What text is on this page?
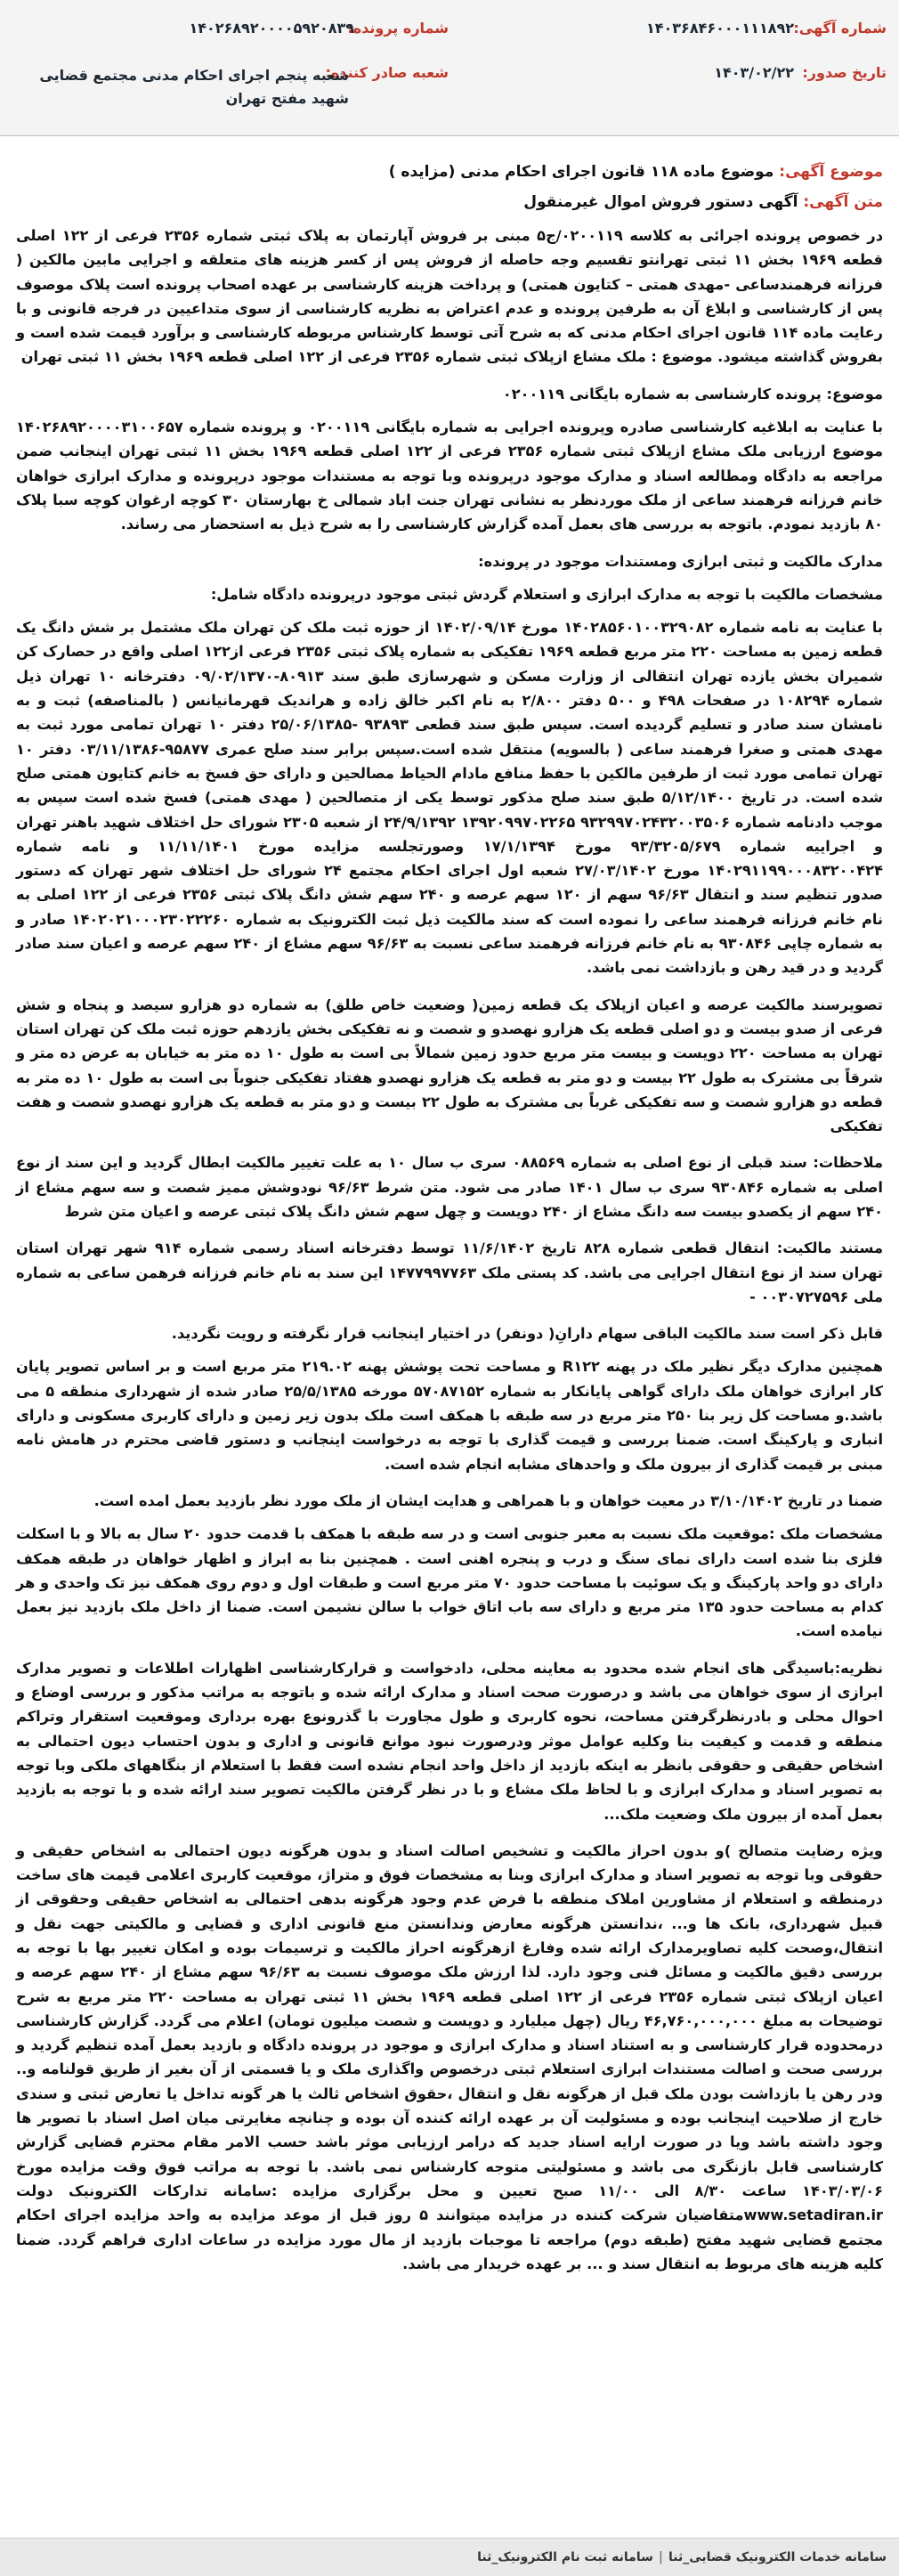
شماره آگهی:
۱۴۰۳۶۸۴۶۰۰۰۱۱۱۸۹۲
تاریخ صدور:
۱۴۰۳/۰۲/۲۲
شماره پرونده:
۱۴۰۲۶۸۹۲۰۰۰۰۵۹۲۰۸۳۹
شعبه صادر کننده:
شعبه پنجم اجرای احکام مدنی مجتمع قضایی شهید مفتح تهران
موضوع آگهی: موضوع ماده ۱۱۸ قانون اجرای احکام مدنی (مزایده )
متن آگهی: آگهی دستور فروش اموال غیرمنقول

در خصوص پرونده اجرائی به کلاسه ۰۲۰۰۱۱۹/ج۵ مبنی بر فروش آپارتمان به پلاک ثبتی شماره ۲۳۵۶ فرعی از ۱۲۲ اصلی قطعه ۱۹۶۹ بخش ۱۱ ثبتی تهرانتو تقسیم وجه حاصله از فروش پس از کسر هزینه های متعلقه و اجرایی مابین مالکین ( فرزانه فرهمندساعی -مهدی همتی – کتایون همتی) و پرداخت هزینه کارشناسی بر عهده اصحاب پرونده است پلاک موصوف پس از کارشناسی و ابلاغ آن به طرفین پرونده و عدم اعتراض به نظریه کارشناسی از سوی متداعیین در فرجه قانونی و با رعایت ماده ۱۱۴ قانون اجرای احکام مدنی که به شرح آتی توسط کارشناس مربوطه کارشناسی و برآورد قیمت شده است و بفروش گذاشته میشود. موضوع : ملک مشاع ازپلاک ثبتی شماره ۲۳۵۶ فرعی از ۱۲۲ اصلی قطعه ۱۹۶۹ بخش ۱۱ ثبتی تهران

موضوع: پرونده کارشناسی به شماره بایگانی ۰۲۰۰۱۱۹

با عنایت به ابلاغیه کارشناسی صادره وپرونده اجرایی به شماره بایگانی ۰۲۰۰۱۱۹ و پرونده شماره ۱۴۰۲۶۸۹۲۰۰۰۰۳۱۰۰۶۵۷ موضوع ارزیابی ملک مشاع ازپلاک ثبتی شماره ۲۳۵۶ فرعی از ۱۲۲ اصلی قطعه ۱۹۶۹ بخش ۱۱ ثبتی تهران اینجانب ضمن مراجعه به دادگاه ومطالعه اسناد و مدارک موجود درپرونده وبا توجه به مستندات موجود درپرونده و مدارک ابرازی خواهان خانم فرزانه فرهمند ساعی از ملک موردنظر به نشانی تهران جنت اباد شمالی خ بهارستان ۳۰ کوچه ارغوان کوچه سبا پلاک ۸۰ بازدید نمودم. باتوجه به بررسی های بعمل آمده گزارش کارشناسی را به شرح ذیل به استحضار می رساند.

مدارک مالکیت و ثبتی ابرازی ومستندات موجود در پرونده:

مشخصات مالکیت با توجه به مدارک ابرازی و استعلام گردش ثبتی موجود درپرونده دادگاه شامل:

با عنایت به نامه شماره ۱۴۰۲۸۵۶۰۱۰۰۳۲۹۰۸۲ مورخ ۱۴۰۲/۰۹/۱۴ از حوزه ثبت ملک کن تهران ملک مشتمل بر شش دانگ یک قطعه زمین به مساحت ۲۲۰ متر مربع قطعه ۱۹۶۹ تفکیکی به شماره پلاک ثبتی ۲۳۵۶ فرعی از۱۲۲ اصلی واقع در حصارک کن شمیران بخش یازده تهران انتقالی از وزارت مسکن و شهرسازی طبق سند ۸۰۹۱۳-۰۹/۰۲/۱۳۷۰ دفترخانه ۱۰ تهران ذیل شماره ۱۰۸۲۹۴ در صفحات ۴۹۸ و ۵۰۰ دفتر ۲/۸۰۰ به نام اکبر خالق زاده و هرانديک قهرمانیانس ( بالمناصفه) ثبت و به نامشان سند صادر و تسليم گرديده است. سپس طبق سند قطعی ۹۳۸۹۳ -۲۵/۰۶/۱۳۸۵ دفتر ۱۰ تهران تمامی مورد ثبت به مهدی همتی و صغرا فرهمند ساعی ( بالسویه) منتقل شده است.سپس برابر سند صلح عمری ۹۵۸۷۷-۰۳/۱۱/۱۳۸۶ دفتر ۱۰ تهران تمامی مورد ثبت از طرفین مالکین با حفظ منافع مادام الحیاط مصالحین و دارای حق فسخ به خانم کتایون همتی صلح شده است. در تاریخ ۵/۱۲/۱۴۰۰ طبق سند صلح مذکور توسط یکی از متصالحین ( مهدی همتی) فسخ شده است سپس به موجب دادنامه شماره ۹۳۲۹۹۷۰۲۴۳۲۰۰۳۵۰۶ ۱۳۹۲۰۹۹۷۰۲۲۶۵ ۲۴/۹/۱۳۹۲ از شعبه ۲۳۰۵ شورای حل اختلاف شهید باهنر تهران و اجراییه شماره ۹۳/۳۲۰۵/۶۷۹ مورخ ۱۷/۱/۱۳۹۴ وصورتجلسه مزایده مورخ ۱۱/۱۱/۱۴۰۱ و نامه شماره ۱۴۰۲۹۱۱۹۹۰۰۰۸۳۲۰۰۴۲۴ مورخ ۲۷/۰۳/۱۴۰۲ شعبه اول اجرای احکام مجتمع ۲۴ شورای حل اختلاف شهر تهران که دستور صدور تنظیم سند و انتقال ۹۶/۶۳ سهم از ۱۲۰ سهم عرصه و ۲۴۰ سهم شش دانگ پلاک ثبتی ۲۳۵۶ فرعی از ۱۲۲ اصلی به نام خانم فرزانه فرهمند ساعی را نموده است که سند مالکیت ذیل ثبت الکترونیک به شماره ۱۴۰۲۰۲۱۰۰۰۲۳۰۲۲۲۶۰ صادر و به شماره چاپی ۹۳۰۸۴۶ به نام خانم فرزانه فرهمند ساعی نسبت به ۹۶/۶۳ سهم مشاع از ۲۴۰ سهم عرصه و اعیان سند صادر گردید و در قید رهن و بازداشت نمی باشد.

تصویرسند مالکیت عرصه و اعیان ازپلاک یک قطعه زمین( وضعیت خاص طلق) به شماره دو هزارو سیصد و پنجاه و شش فرعی از صدو بیست و دو اصلی قطعه یک هزارو نهصدو و شصت و نه تفکیکی بخش یازدهم حوزه ثبت ملک کن تهران استان تهران به مساحت ۲۲۰ دویست و بیست متر مربع حدود زمین شمالاً بی است به طول ۱۰ ده متر به خیابان به عرض ده متر و شرقاً بی مشترک به طول ۲۲ بیست و دو متر به قطعه یک هزارو نهصدو هفتاد تفکیکی جنوباً بی است به طول ۱۰ ده متر به قطعه دو هزارو شصت و سه تفکیکی غرباً بی مشترک به طول ۲۲ بیست و دو متر به قطعه یک هزارو نهصدو شصت و هفت تفکیکی

ملاحظات: سند قبلی از نوع اصلی به شماره ۰۸۸۵۶۹ سری ب سال ۱۰ به علت تغییر مالکیت ابطال گردید و این سند از نوع اصلی به شماره ۹۳۰۸۴۶ سری ب سال ۱۴۰۱ صادر می شود. متن شرط ۹۶/۶۳ نودوشش ممیز شصت و سه سهم مشاع از ۲۴۰ سهم از یکصدو بیست سه دانگ مشاع از ۲۴۰ دویست و چهل سهم شش دانگ پلاک ثبتی عرصه و اعیان متن شرط

مستند مالکیت: انتقال قطعی شماره ۸۲۸ تاریخ ۱۱/۶/۱۴۰۲ توسط دفترخانه اسناد رسمی شماره ۹۱۴ شهر تهران استان تهران سند از نوع انتقال اجرایی می باشد. کد پستی ملک ۱۴۷۷۹۹۷۷۶۳ این سند به نام خانم فرزانه فرهمن ساعی به شماره ملی ۰۰۳۰۷۲۷۵۹۶ -

قابل ذکر است سند مالکیت الباقی سهام دارانِ( دونفر) در اختیار اینجانب قرار نگرفته و رویت نگردید.

همچنین مدارک دیگر نظیر ملک در پهنه R۱۲۲ و مساحت تحت پوشش پهنه ۲۱۹.۰۲ متر مربع است و بر اساس تصویر پایان کار ابرازی خواهان ملک دارای گواهی پایانکار به شماره ۵۷۰۸۷۱۵۲ مورخه ۲۵/۵/۱۳۸۵ صادر شده از شهرداری منطقه ۵ می باشد.و مساحت کل زیر بنا ۲۵۰ متر مربع در سه طبقه با همکف است ملک بدون زیر زمین و دارای کاربری مسکونی و دارای انباری و پارکینگ است. ضمنا بررسی و قیمت گذاری با توجه به درخواست اینجانب و دستور قاضی محترم در هامش نامه مبنی بر قیمت گذاری از بیرون ملک و واحدهای مشابه انجام شده است.

ضمنا در تاریخ ۳/۱۰/۱۴۰۲ در معیت خواهان و با همراهی و هدایت ایشان از ملک مورد نظر بازدید بعمل امده است.

مشخصات ملک :موقعیت ملک نسبت به معبر جنوبی است و در سه طبقه با همکف با قدمت حدود ۲۰ سال به بالا و با اسکلت فلزی بنا شده است دارای نمای سنگ و درب و پنجره اهنی است . همچنین بنا به ابراز و اظهار خواهان در طبقه همکف دارای دو واحد پارکینگ و یک سوئیت با مساحت حدود ۷۰ متر مربع است و طبقات اول و دوم روی همکف نیز تک واحدی و هر کدام به مساحت حدود ۱۳۵ متر مربع و دارای سه باب اتاق خواب با سالن نشیمن است. ضمنا از داخل ملک بازدید نیز بعمل نیامده است.

نظریه:باسیدگی های انجام شده محدود به معاینه محلی، دادخواست و قرارکارشناسی اظهارات اطلاعات و تصویر مدارک ابرازی از سوی خواهان می باشد و درصورت صحت اسناد و مدارک ارائه شده و باتوجه به مراتب مذکور و بررسی اوضاع و احوال محلی و بادرنظرگرفتن مساحت، نحوه کاربری و طول مجاورت با گذرونوع بهره برداری وموقعیت استقرار وتراکم منطقه و قدمت و کیفیت بنا وکلیه عوامل موثر ودرصورت نبود موانع قانونی و اداری و بدون احتساب دیون احتمالی به اشخاص حقیقی و حقوقی بانظر به اینکه بازدید از داخل واحد انجام نشده است فقط با استعلام از بنگاههای ملکی وبا توجه به تصویر اسناد و مدارک ابرازی و با لحاظ ملک مشاع و با در نظر گرفتن مالکیت تصویر سند ارائه شده و با توجه به بازدید بعمل آمده از بیرون ملک وضعیت ملک...

ویژه رضایت متصالح )و بدون احراز مالکیت و تشخیص اصالت اسناد و بدون هرگونه دیون احتمالی به اشخاص حقیقی و حقوقی وبا توجه به تصویر اسناد و مدارک ابرازی وبنا به مشخصات فوق و متراژ، موقعیت کاربری اعلامی قیمت های ساخت درمنطقه و استعلام از مشاورین املاک منطقه با فرض عدم وجود هرگونه بدهی احتمالی به اشخاص حقیقی وحقوقی از قبیل شهرداری، بانک ها و... ،ندانستن هرگونه معارض وندانستن منع قانونی اداری و قضایی و مالکیتی جهت نقل و انتقال،وصحت کلیه تصاویرمدارک ارائه شده وفارغ ازهرگونه احراز مالکیت و ترسیمات بوده و امکان تغییر بها با توجه به بررسی دقیق مالکیت و مسائل فنی وجود دارد. لذا ارزش ملک موصوف نسبت به ۹۶/۶۳ سهم مشاع از ۲۴۰ سهم عرصه و اعیان ازپلاک ثبتی شماره ۲۳۵۶ فرعی از ۱۲۲ اصلی قطعه ۱۹۶۹ بخش ۱۱ ثبتی تهران به مساحت ۲۲۰ متر مربع به شرح توضیحات به مبلغ ۴۶,۷۶۰,۰۰۰,۰۰۰ ریال (چهل میلیارد و دویست و شصت میلیون تومان) اعلام می گردد. گزارش کارشناسی درمحدوده قرار کارشناسی و به استناد اسناد و مدارک ابرازی و موجود در پرونده دادگاه و بازدید بعمل آمده تنظیم گردید و بررسی صحت و اصالت مستندات ابرازی استعلام ثبتی درخصوص واگذاری ملک و یا قسمتی از آن بغیر از طریق قولنامه و.. ودر رهن یا بازداشت بودن ملک قبل از هرگونه نقل و انتقال ،حقوق اشخاص ثالث یا هر گونه تداخل یا تعارض ثبتی و سندی خارج از صلاحیت اینجانب بوده و مسئولیت آن بر عهده ارائه کننده آن بوده و چنانچه مغایرتی میان اصل اسناد با تصویر ها وجود داشته باشد ویا در صورت ارایه اسناد جدید که درامر ارزیابی موثر باشد حسب الامر مقام محترم قضایی گزارش کارشناسی قابل بازنگری می باشد و مسئولیتی متوجه کارشناس نمی باشد. با توجه به مراتب فوق وقت مزایده مورخ ۱۴۰۳/۰۳/۰۶ ساعت ۸/۳۰ الی ۱۱/۰۰ صبح تعیین و محل برگزاری مزایده :سامانه تدارکات الکترونیک دولت www.setadiran.irمتقاضیان شرکت کننده در مزایده میتوانند ۵ روز قبل از موعد مزایده به واحد مزایده اجرای احکام مجتمع قضایی شهید مفتح (طبقه دوم) مراجعه تا موجبات بازدید از مال مورد مزایده در ساعات اداری فراهم گردد. ضمنا کلیه هزینه های مربوط به انتقال سند و ... بر عهده خریدار می باشد.

سامانه خدمات الکترونیک قضایی_ثنا
|
سامانه ثبت نام الکترونیک_ثنا
